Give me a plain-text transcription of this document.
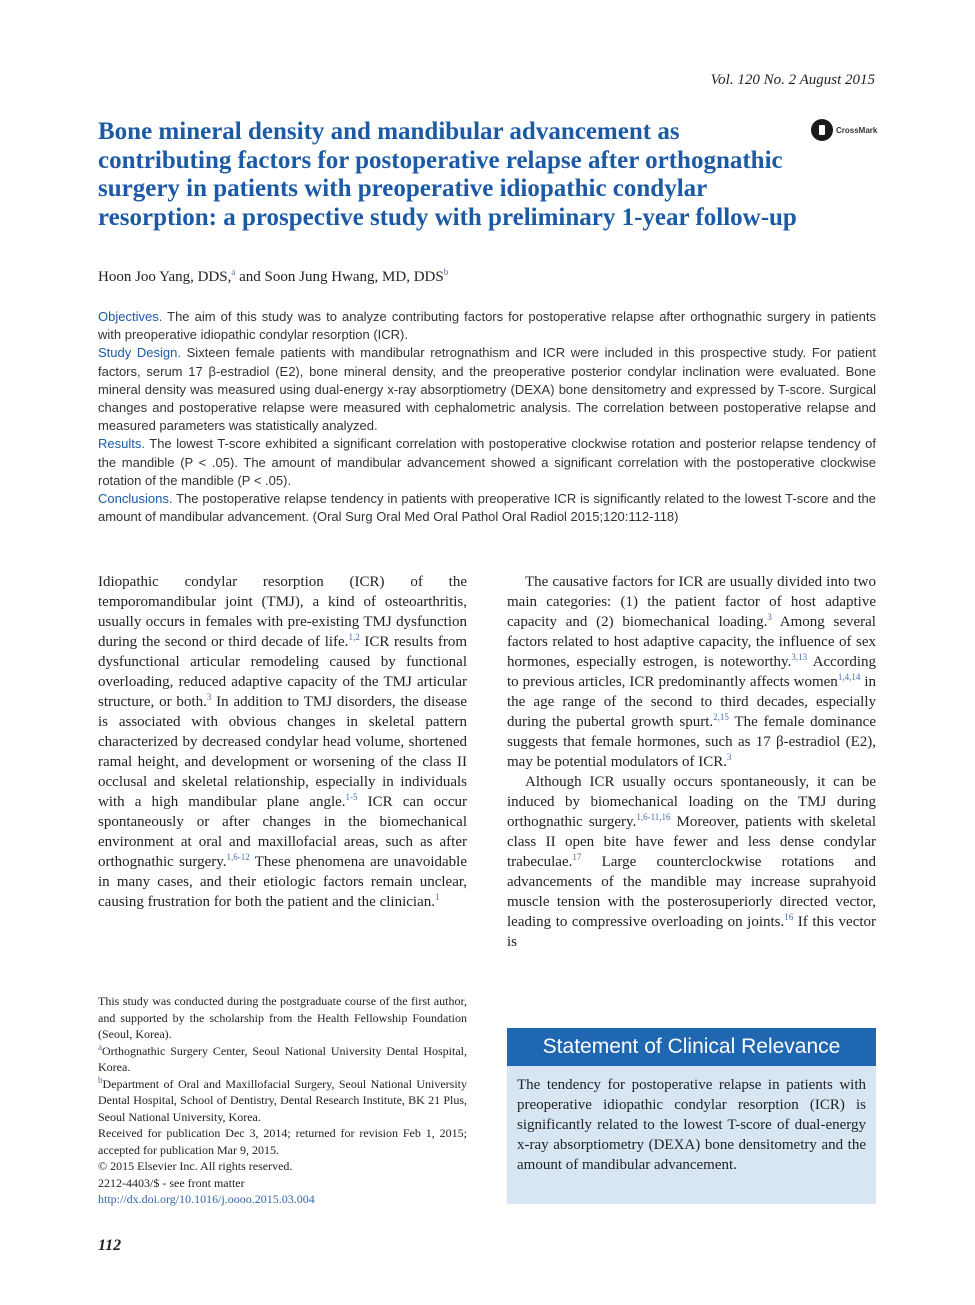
Vol. 120 No. 2 August 2015
CrossMark
Bone mineral density and mandibular advancement as contributing factors for postoperative relapse after orthognathic surgery in patients with preoperative idiopathic condylar resorption: a prospective study with preliminary 1-year follow-up
Hoon Joo Yang, DDS,$^a$ and Soon Jung Hwang, MD, DDS$^b$

Objectives. The aim of this study was to analyze contributing factors for postoperative relapse after orthognathic surgery in patients with preoperative idiopathic condylar resorption (ICR).

Study Design. Sixteen female patients with mandibular retrognathism and ICR were included in this prospective study. For patient factors, serum 17 β-estradiol (E2), bone mineral density, and the preoperative posterior condylar inclination were evaluated. Bone mineral density was measured using dual-energy x-ray absorptiometry (DEXA) bone densitometry and expressed by T-score. Surgical changes and postoperative relapse were measured with cephalometric analysis. The correlation between postoperative relapse and measured parameters was statistically analyzed.

Results. The lowest T-score exhibited a significant correlation with postoperative clockwise rotation and posterior relapse tendency of the mandible (P < .05). The amount of mandibular advancement showed a significant correlation with the postoperative clockwise rotation of the mandible (P < .05).

Conclusions. The postoperative relapse tendency in patients with preoperative ICR is significantly related to the lowest T-score and the amount of mandibular advancement. (Oral Surg Oral Med Oral Pathol Oral Radiol 2015;120:112-118)

Idiopathic condylar resorption (ICR) of the temporomandibular joint (TMJ), a kind of osteoarthritis, usually occurs in females with pre-existing TMJ dysfunction during the second or third decade of life.$^{1,2}$ ICR results from dysfunctional articular remodeling caused by functional overloading, reduced adaptive capacity of the TMJ articular structure, or both.$^3$ In addition to TMJ disorders, the disease is associated with obvious changes in skeletal pattern characterized by decreased condylar head volume, shortened ramal height, and development or worsening of the class II occlusal and skeletal relationship, especially in individuals with a high mandibular plane angle.$^{1-5}$ ICR can occur spontaneously or after changes in the biomechanical environment at oral and maxillofacial areas, such as after orthognathic surgery.$^{1,6-12}$ These phenomena are unavoidable in many cases, and their etiologic factors remain unclear, causing frustration for both the patient and the clinician.$^1$

The causative factors for ICR are usually divided into two main categories: (1) the patient factor of host adaptive capacity and (2) biomechanical loading.$^3$ Among several factors related to host adaptive capacity, the influence of sex hormones, especially estrogen, is noteworthy.$^{3,13}$ According to previous articles, ICR predominantly affects women$^{1,4,14}$ in the age range of the second to third decades, especially during the pubertal growth spurt.$^{2,15}$ The female dominance suggests that female hormones, such as 17 β-estradiol (E2), may be potential modulators of ICR.$^3$

Although ICR usually occurs spontaneously, it can be induced by biomechanical loading on the TMJ during orthognathic surgery.$^{1,6-11,16}$ Moreover, patients with skeletal class II open bite have fewer and less dense condylar trabeculae.$^{17}$ Large counterclockwise rotations and advancements of the mandible may increase suprahyoid muscle tension with the posterosuperiorly directed vector, leading to compressive overloading on joints.$^{16}$ If this vector is

This study was conducted during the postgraduate course of the first author, and supported by the scholarship from the Health Fellowship Foundation (Seoul, Korea).

$^a$Orthognathic Surgery Center, Seoul National University Dental Hospital, Korea.

$^b$Department of Oral and Maxillofacial Surgery, Seoul National University Dental Hospital, School of Dentistry, Dental Research Institute, BK 21 Plus, Seoul National University, Korea.

Received for publication Dec 3, 2014; returned for revision Feb 1, 2015; accepted for publication Mar 9, 2015.

© 2015 Elsevier Inc. All rights reserved.

2212-4403/$ - see front matter

http://dx.doi.org/10.1016/j.oooo.2015.03.004

Statement of Clinical Relevance

The tendency for postoperative relapse in patients with preoperative idiopathic condylar resorption (ICR) is significantly related to the lowest T-score of dual-energy x-ray absorptiometry (DEXA) bone densitometry and the amount of mandibular advancement.

112
